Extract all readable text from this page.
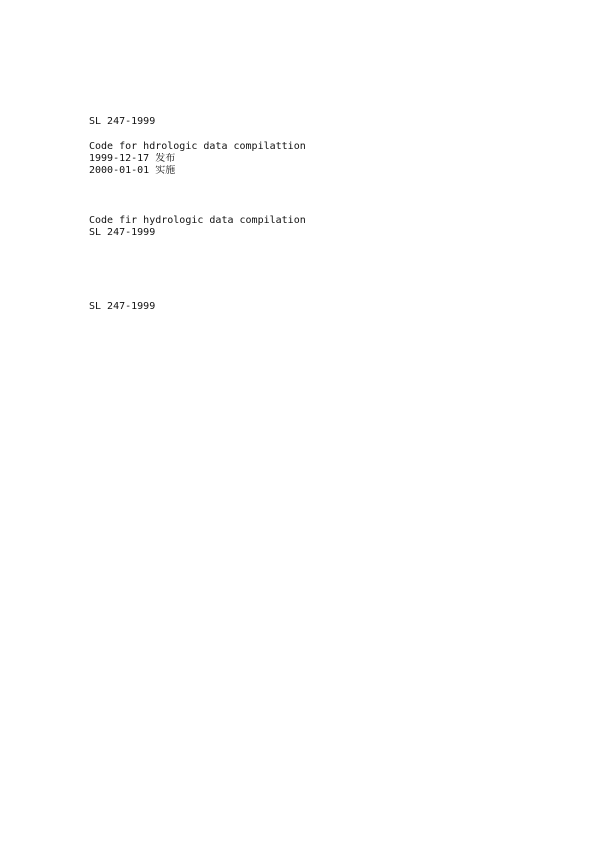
SL 247-1999
Code for hdrologic data compilattion
1999-12-17 发布
2000-01-01 实施
Code fir hydrologic data compilation
SL 247-1999
SL 247-1999
